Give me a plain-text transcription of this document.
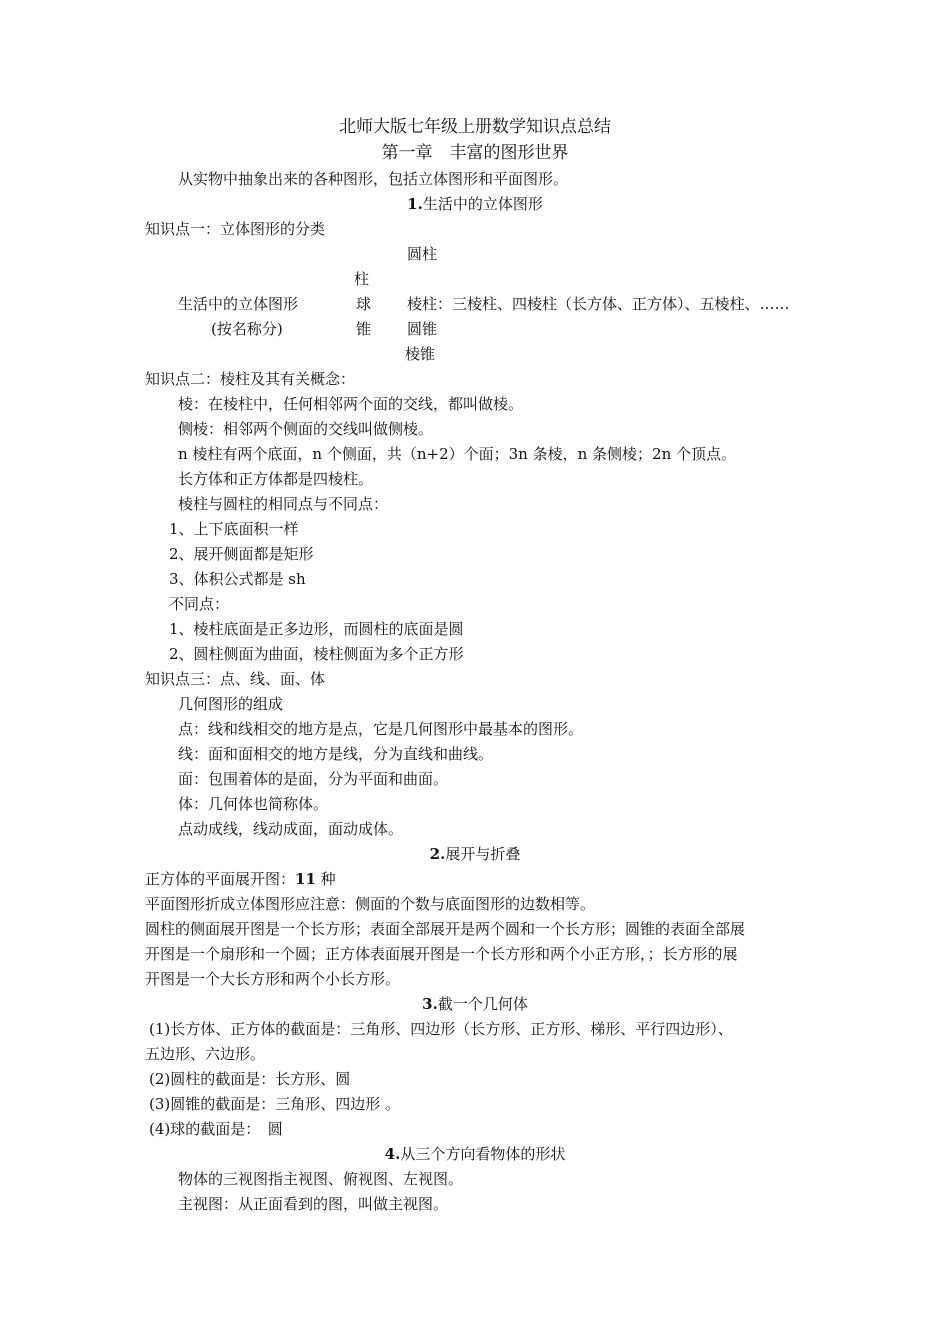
北师大版七年级上册数学知识点总结
第一章　丰富的图形世界
从实物中抽象出来的各种图形，包括立体图形和平面图形。
1.生活中的立体图形
知识点一：立体图形的分类
圆柱
柱
生活中的立体图形	球 棱柱：三棱柱、四棱柱（长方体、正方体）、五棱柱、……
(按名称分)	锥 圆锥
棱锥
知识点二：棱柱及其有关概念：
棱：在棱柱中，任何相邻两个面的交线，都叫做棱。
侧棱：相邻两个侧面的交线叫做侧棱。
n 棱柱有两个底面，n 个侧面，共（n+2）个面；3n 条棱，n 条侧棱；2n 个顶点。
长方体和正方体都是四棱柱。
棱柱与圆柱的相同点与不同点：
1、上下底面积一样
2、展开侧面都是矩形
3、体积公式都是 sh
不同点：
1、棱柱底面是正多边形，而圆柱的底面是圆
2、圆柱侧面为曲面，棱柱侧面为多个正方形
知识点三：点、线、面、体
几何图形的组成
点：线和线相交的地方是点，它是几何图形中最基本的图形。
线：面和面相交的地方是线，分为直线和曲线。
面：包围着体的是面，分为平面和曲面。
体：几何体也简称体。
点动成线，线动成面，面动成体。
2.展开与折叠
正方体的平面展开图：11 种
平面图形折成立体图形应注意：侧面的个数与底面图形的边数相等。
圆柱的侧面展开图是一个长方形；表面全部展开是两个圆和一个长方形；圆锥的表面全部展
开图是一个扇形和一个圆；正方体表面展开图是一个长方形和两个小正方形，；长方形的展
开图是一个大长方形和两个小长方形。
3.截一个几何体
(1)长方体、正方体的截面是：三角形、四边形（长方形、正方形、梯形、平行四边形）、
五边形、六边形。
(2)圆柱的截面是：长方形、圆
(3)圆锥的截面是：三角形、四边形 。
(4)球的截面是：　圆
4.从三个方向看物体的形状
物体的三视图指主视图、俯视图、左视图。
主视图：从正面看到的图，叫做主视图。
